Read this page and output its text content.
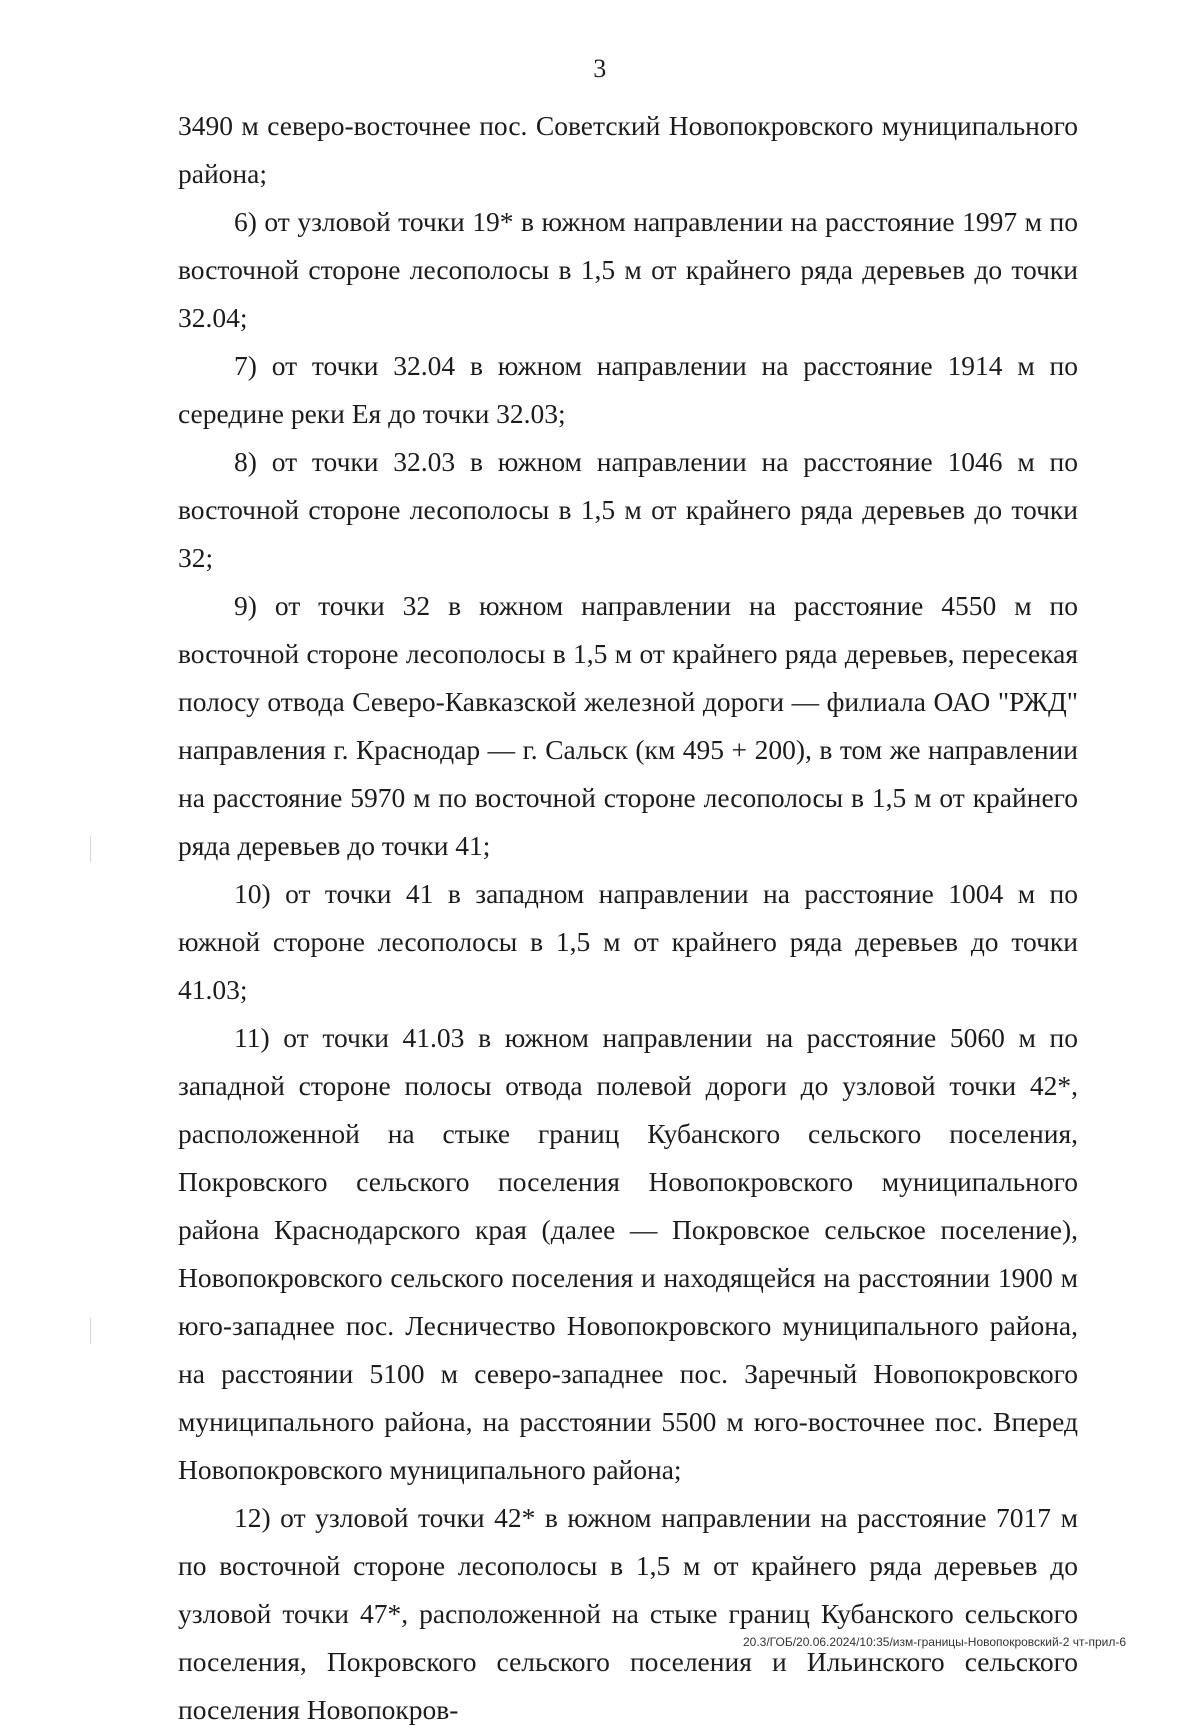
3

3490 м северо-восточнее пос. Советский Новопокровского муниципального района;

6) от узловой точки 19* в южном направлении на расстояние 1997 м по восточной стороне лесополосы в 1,5 м от крайнего ряда деревьев до точки 32.04;

7) от точки 32.04 в южном направлении на расстояние 1914 м по середине реки Ея до точки 32.03;

8) от точки 32.03 в южном направлении на расстояние 1046 м по восточной стороне лесополосы в 1,5 м от крайнего ряда деревьев до точки 32;

9) от точки 32 в южном направлении на расстояние 4550 м по восточной стороне лесополосы в 1,5 м от крайнего ряда деревьев, пересекая полосу отвода Северо-Кавказской железной дороги — филиала ОАО "РЖД" направления г. Краснодар — г. Сальск (км 495 + 200), в том же направлении на расстояние 5970 м по восточной стороне лесополосы в 1,5 м от крайнего ряда деревьев до точки 41;

10) от точки 41 в западном направлении на расстояние 1004 м по южной стороне лесополосы в 1,5 м от крайнего ряда деревьев до точки 41.03;

11) от точки 41.03 в южном направлении на расстояние 5060 м по западной стороне полосы отвода полевой дороги до узловой точки 42*, расположенной на стыке границ Кубанского сельского поселения, Покровского сельского поселения Новопокровского муниципального района Краснодарского края (далее — Покровское сельское поселение), Новопокровского сельского поселения и находящейся на расстоянии 1900 м юго-западнее пос. Лесничество Новопокровского муниципального района, на расстоянии 5100 м северо-западнее пос. Заречный Новопокровского муниципального района, на расстоянии 5500 м юго-восточнее пос. Вперед Новопокровского муниципального района;

12) от узловой точки 42* в южном направлении на расстояние 7017 м по восточной стороне лесополосы в 1,5 м от крайнего ряда деревьев до узловой точки 47*, расположенной на стыке границ Кубанского сельского поселения, Покровского сельского поселения и Ильинского сельского поселения Новопокров-

20.3/ГОБ/20.06.2024/10:35/изм-границы-Новопокровский-2 чт-прил-6
